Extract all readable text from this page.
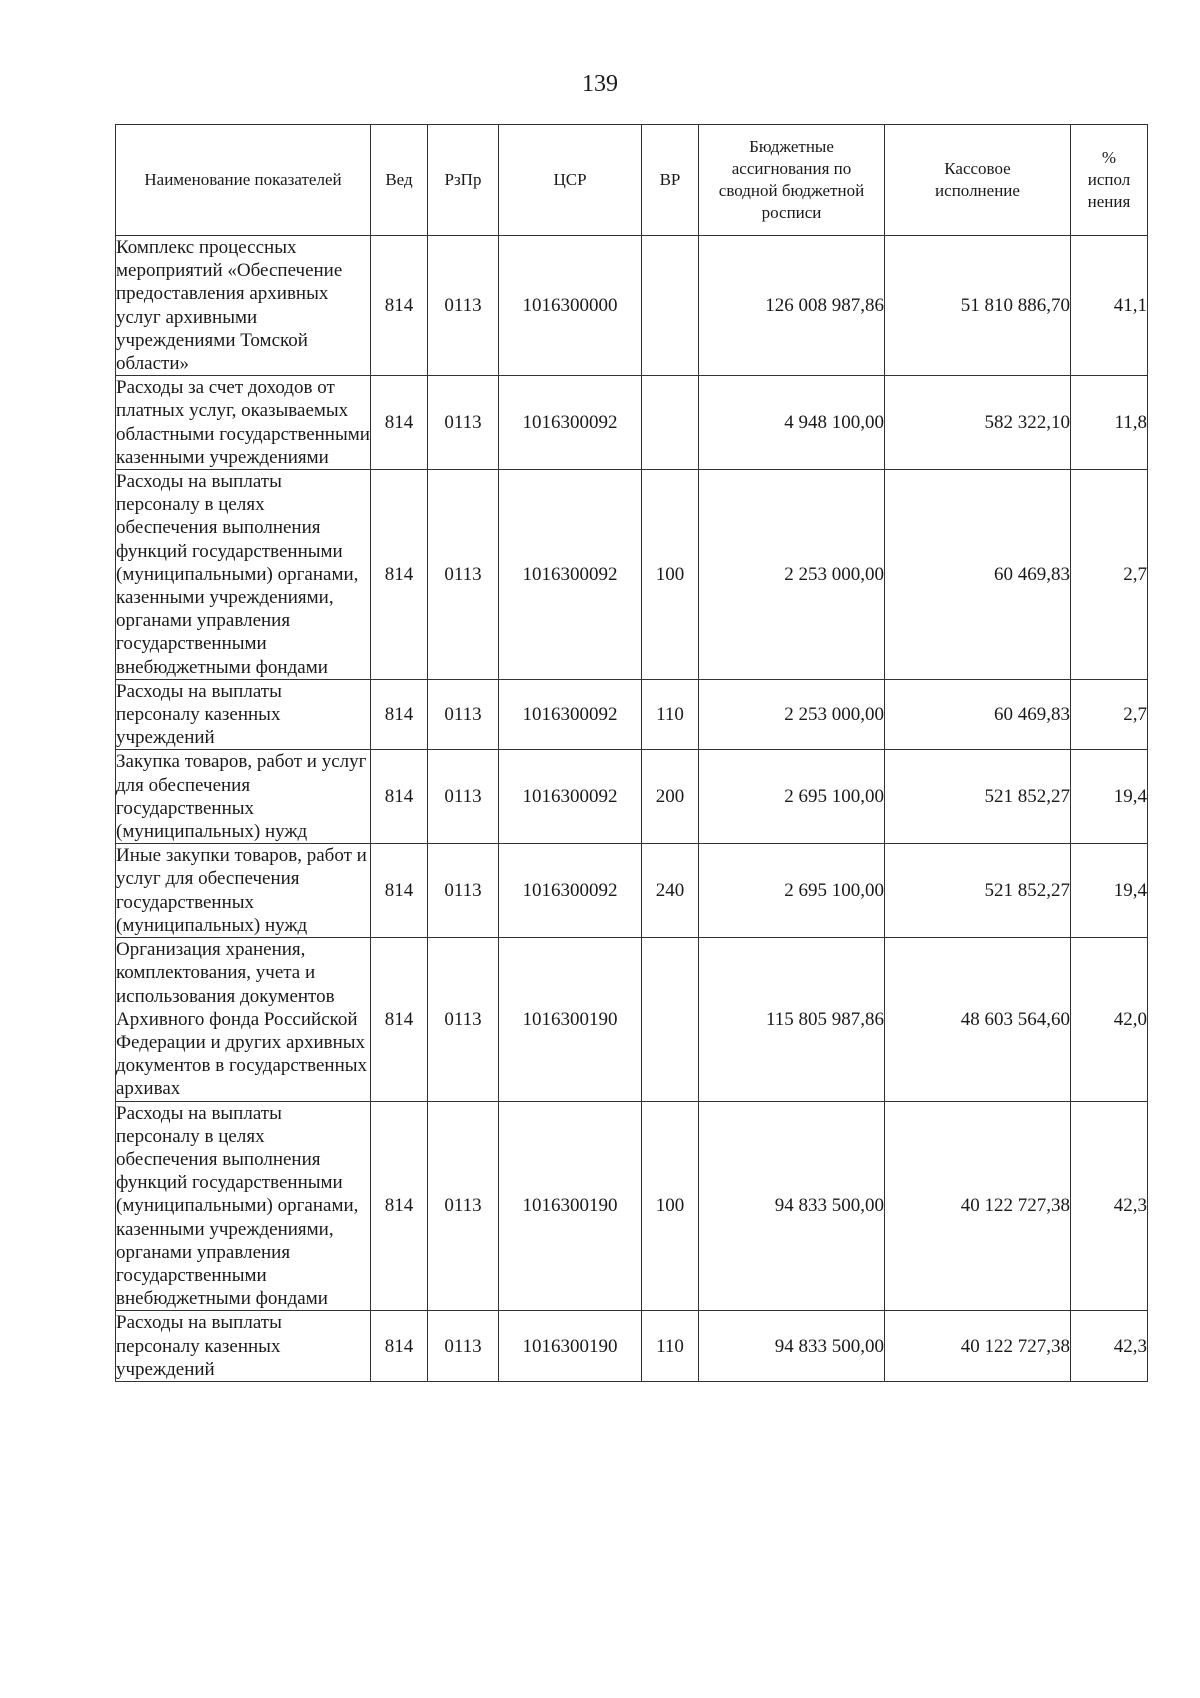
139
Наименование показателей	Вед	РзПр	ЦСР	ВР	Бюджетные ассигнования по сводной бюджетной росписи	Кассовое исполнение	% испол нения
Комплекс процессных мероприятий «Обеспечение предоставления архивных услуг архивными учреждениями Томской области»	814	0113	1016300000		126 008 987,86	51 810 886,70	41,1
Расходы за счет доходов от платных услуг, оказываемых областными государственными казенными учреждениями	814	0113	1016300092		4 948 100,00	582 322,10	11,8
Расходы на выплаты персоналу в целях обеспечения выполнения функций государственными (муниципальными) органами, казенными учреждениями, органами управления государственными внебюджетными фондами	814	0113	1016300092	100	2 253 000,00	60 469,83	2,7
Расходы на выплаты персоналу казенных учреждений	814	0113	1016300092	110	2 253 000,00	60 469,83	2,7
Закупка товаров, работ и услуг для обеспечения государственных (муниципальных) нужд	814	0113	1016300092	200	2 695 100,00	521 852,27	19,4
Иные закупки товаров, работ и услуг для обеспечения государственных (муниципальных) нужд	814	0113	1016300092	240	2 695 100,00	521 852,27	19,4
Организация хранения, комплектования, учета и использования документов Архивного фонда Российской Федерации и других архивных документов в государственных архивах	814	0113	1016300190		115 805 987,86	48 603 564,60	42,0
Расходы на выплаты персоналу в целях обеспечения выполнения функций государственными (муниципальными) органами, казенными учреждениями, органами управления государственными внебюджетными фондами	814	0113	1016300190	100	94 833 500,00	40 122 727,38	42,3
Расходы на выплаты персоналу казенных учреждений	814	0113	1016300190	110	94 833 500,00	40 122 727,38	42,3
